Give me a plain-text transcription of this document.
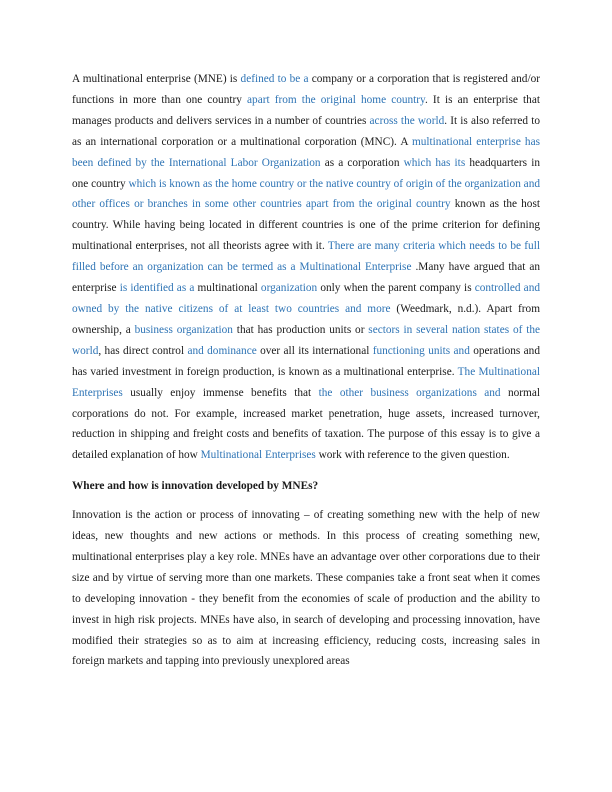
A multinational enterprise (MNE) is defined to be a company or a corporation that is registered and/or functions in more than one country apart from the original home country. It is an enterprise that manages products and delivers services in a number of countries across the world. It is also referred to as an international corporation or a multinational corporation (MNC). A multinational enterprise has been defined by the International Labor Organization as a corporation which has its headquarters in one country which is known as the home country or the native country of origin of the organization and other offices or branches in some other countries apart from the original country known as the host country. While having being located in different countries is one of the prime criterion for defining multinational enterprises, not all theorists agree with it. There are many criteria which needs to be full filled before an organization can be termed as a Multinational Enterprise .Many have argued that an enterprise is identified as a multinational organization only when the parent company is controlled and owned by the native citizens of at least two countries and more (Weedmark, n.d.). Apart from ownership, a business organization that has production units or sectors in several nation states of the world, has direct control and dominance over all its international functioning units and operations and has varied investment in foreign production, is known as a multinational enterprise. The Multinational Enterprises usually enjoy immense benefits that the other business organizations and normal corporations do not. For example, increased market penetration, huge assets, increased turnover, reduction in shipping and freight costs and benefits of taxation. The purpose of this essay is to give a detailed explanation of how Multinational Enterprises work with reference to the given question.

Where and how is innovation developed by MNEs?

Innovation is the action or process of innovating – of creating something new with the help of new ideas, new thoughts and new actions or methods. In this process of creating something new, multinational enterprises play a key role. MNEs have an advantage over other corporations due to their size and by virtue of serving more than one markets. These companies take a front seat when it comes to developing innovation - they benefit from the economies of scale of production and the ability to invest in high risk projects. MNEs have also, in search of developing and processing innovation, have modified their strategies so as to aim at increasing efficiency, reducing costs, increasing sales in foreign markets and tapping into previously unexplored areas
